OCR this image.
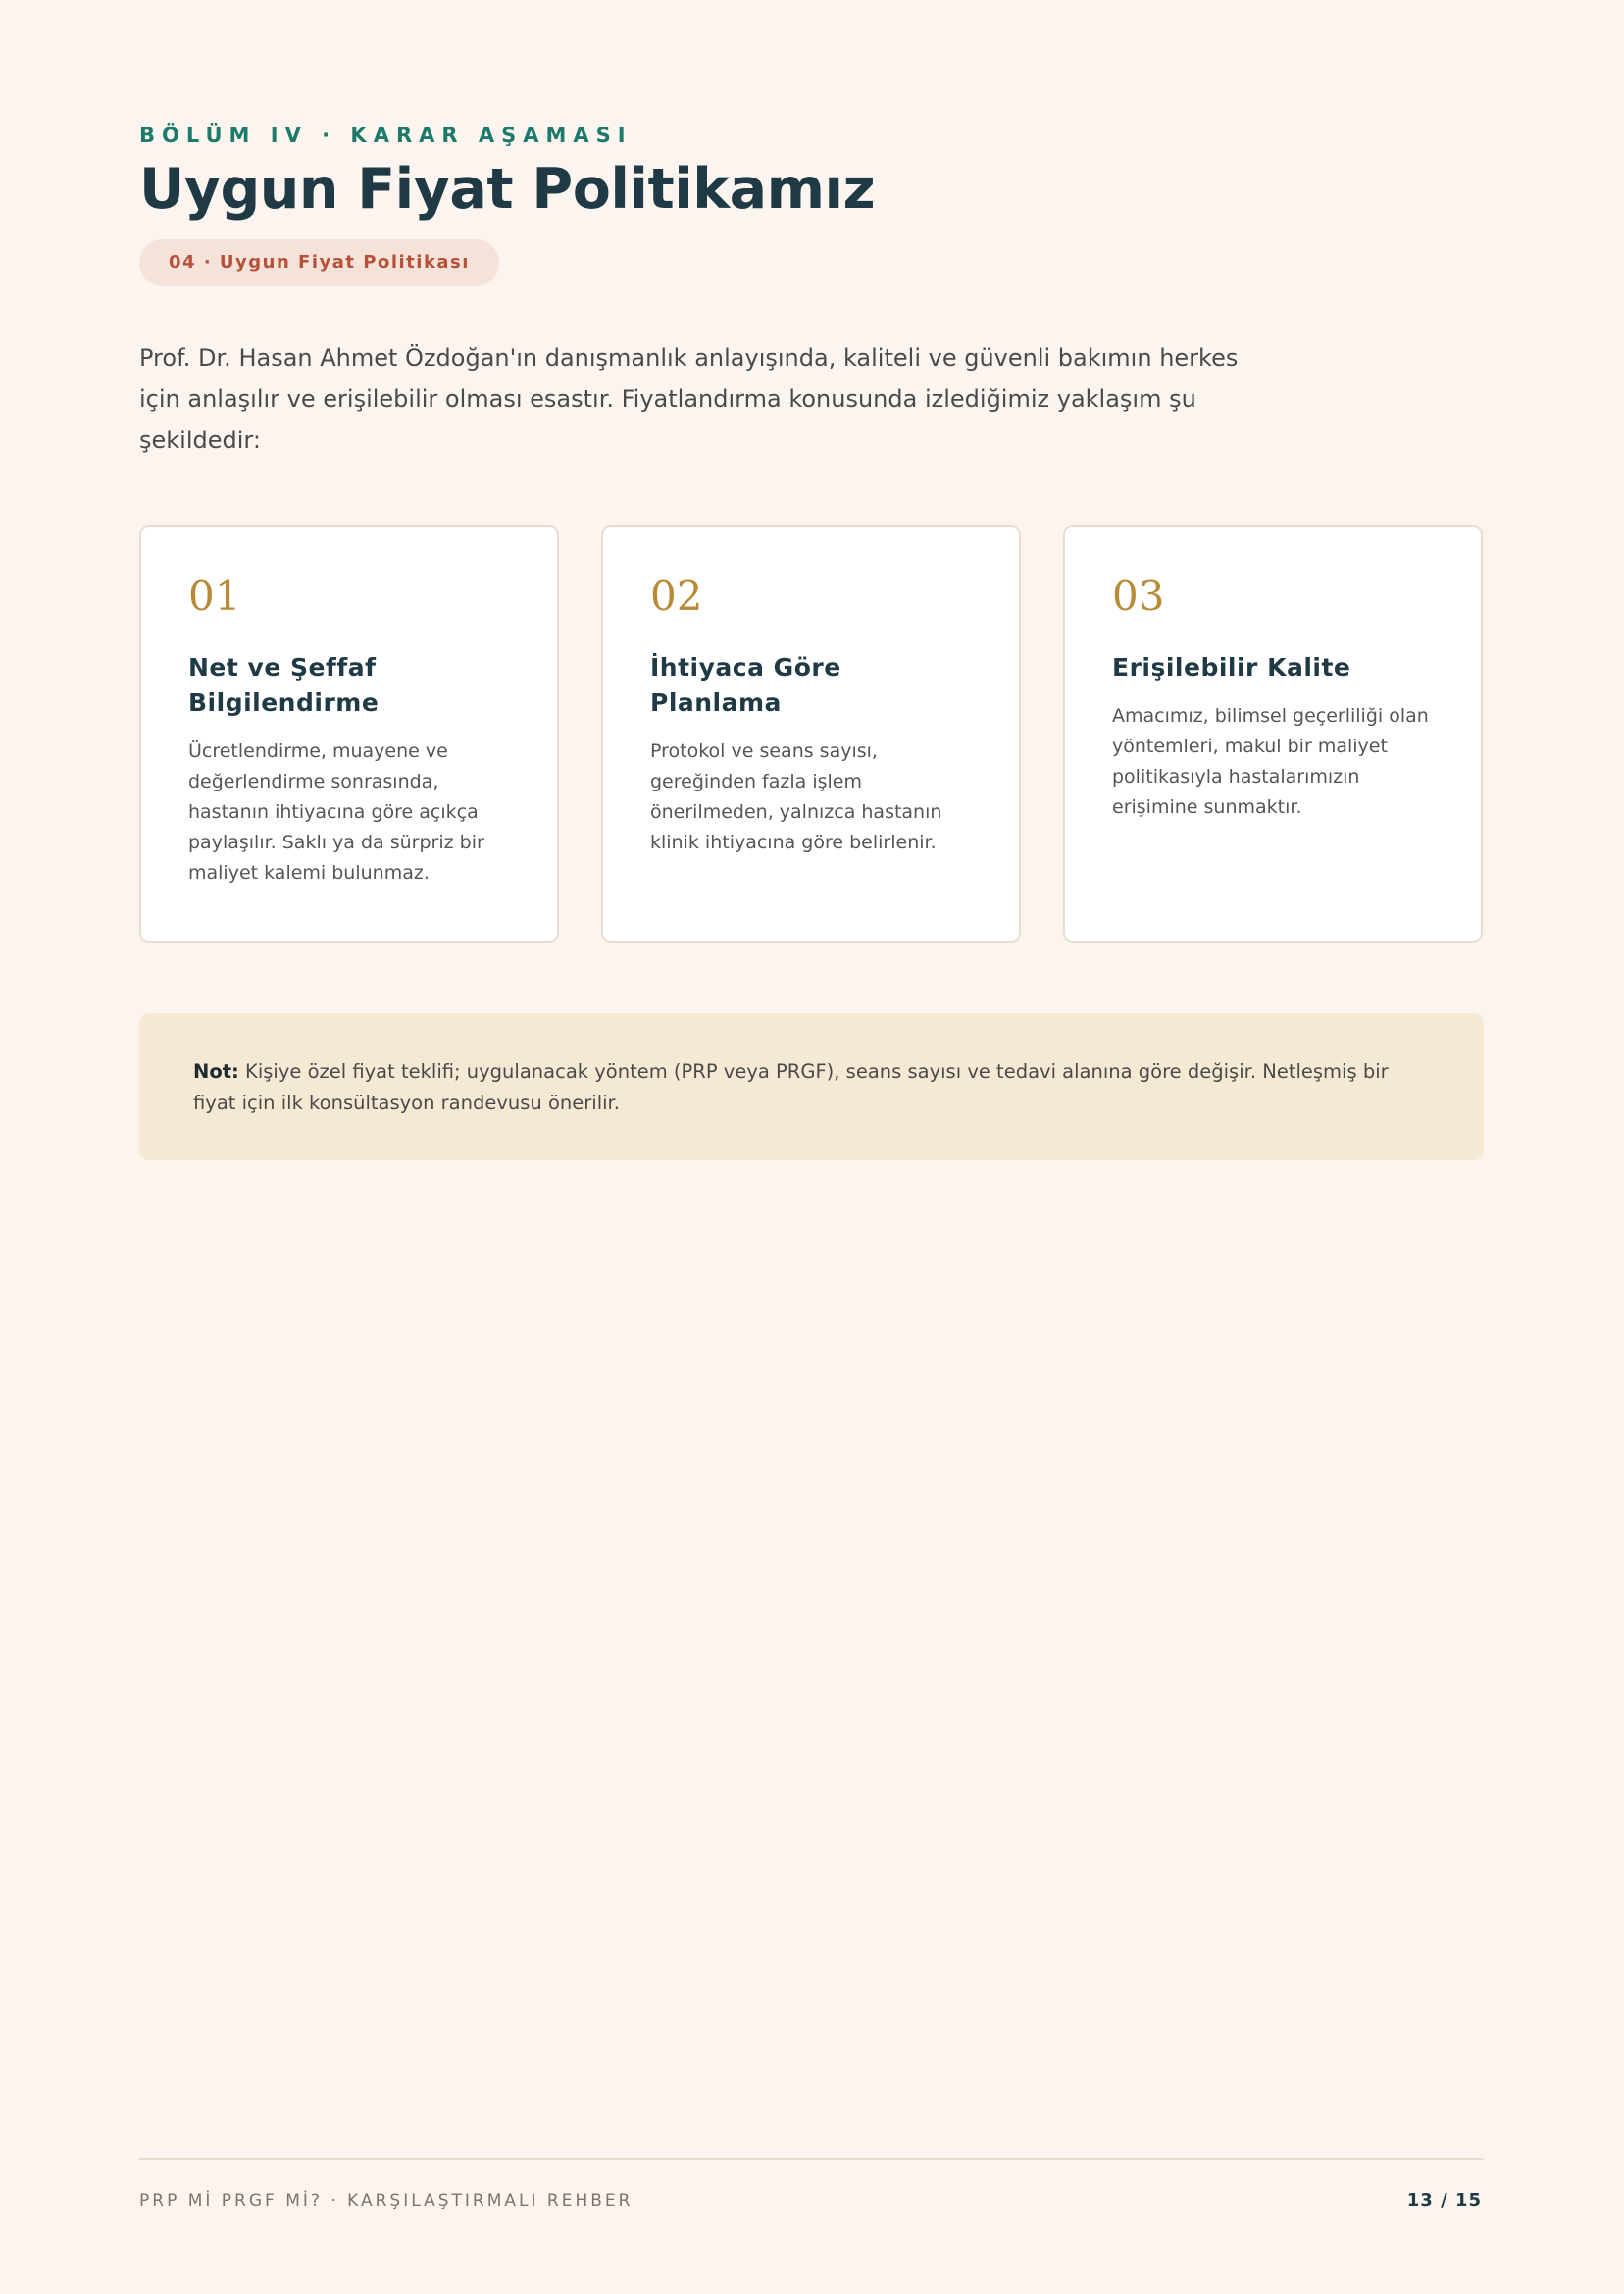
BÖLÜM IV · KARAR AŞAMASI
Uygun Fiyat Politikamız
04 · Uygun Fiyat Politikası

Prof. Dr. Hasan Ahmet Özdoğan'ın danışmanlık anlayışında, kaliteli ve güvenli bakımın herkes için anlaşılır ve erişilebilir olması esastır. Fiyatlandırma konusunda izlediğimiz yaklaşım şu şekildedir:

01
Net ve Şeffaf Bilgilendirme

Ücretlendirme, muayene ve değerlendirme sonrasında, hastanın ihtiyacına göre açıkça paylaşılır. Saklı ya da sürpriz bir maliyet kalemi bulunmaz.

02
İhtiyaca Göre Planlama

Protokol ve seans sayısı, gereğinden fazla işlem önerilmeden, yalnızca hastanın klinik ihtiyacına göre belirlenir.

03
Erişilebilir Kalite

Amacımız, bilimsel geçerliliği olan yöntemleri, makul bir maliyet politikasıyla hastalarımızın erişimine sunmaktır.

Not: Kişiye özel fiyat teklifi; uygulanacak yöntem (PRP veya PRGF), seans sayısı ve tedavi alanına göre değişir. Netleşmiş bir fiyat için ilk konsültasyon randevusu önerilir.
PRP Mİ PRGF Mİ? · KARŞILAŞTIRMALI REHBER	13 / 15
